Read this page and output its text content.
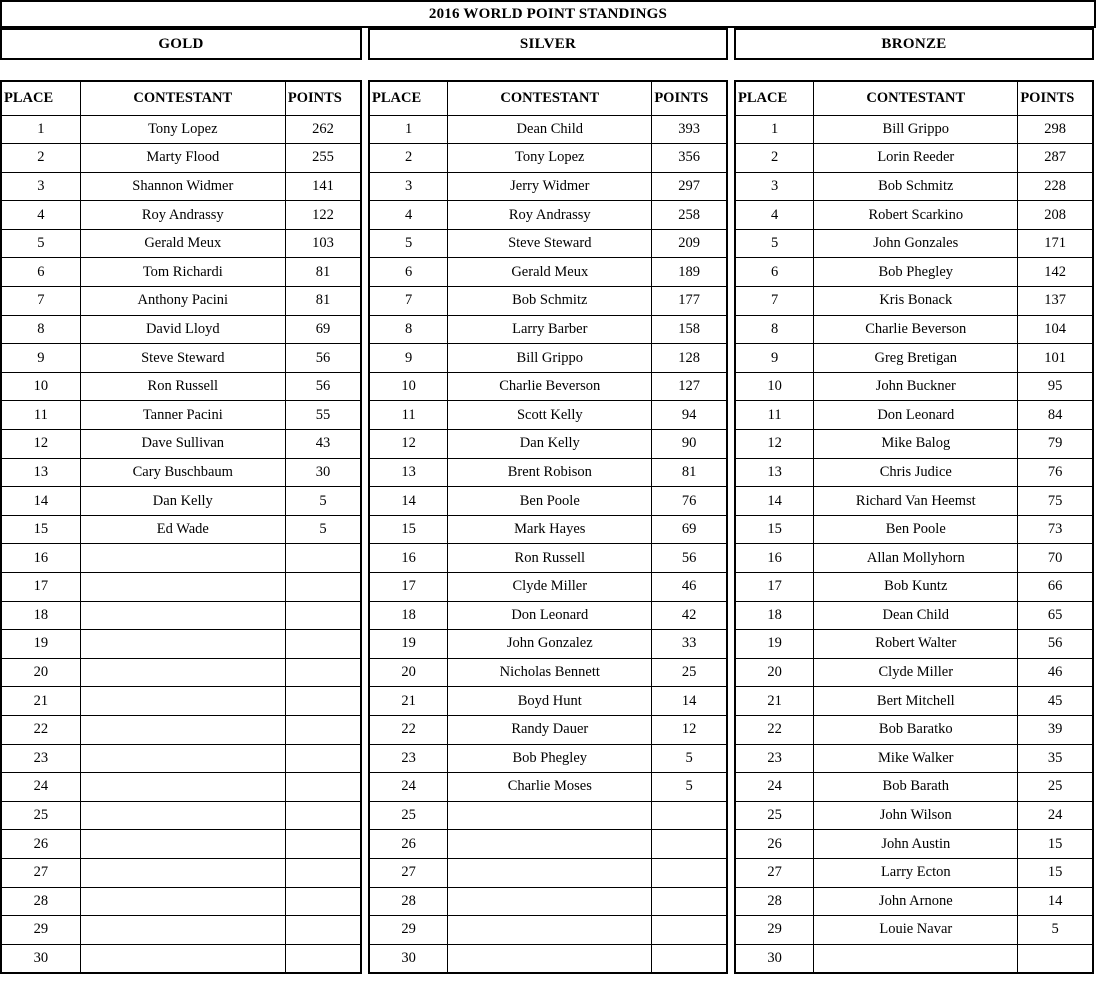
2016 WORLD POINT STANDINGS
GOLD
PLACE	CONTESTANT	POINTS
1	Tony Lopez	262
2	Marty Flood	255
3	Shannon Widmer	141
4	Roy Andrassy	122
5	Gerald Meux	103
6	Tom Richardi	81
7	Anthony Pacini	81
8	David Lloyd	69
9	Steve Steward	56
10	Ron Russell	56
11	Tanner Pacini	55
12	Dave Sullivan	43
13	Cary Buschbaum	30
14	Dan Kelly	5
15	Ed Wade	5
16		
17		
18		
19		
20		
21		
22		
23		
24		
25		
26		
27		
28		
29		
30		
SILVER
PLACE	CONTESTANT	POINTS
1	Dean Child	393
2	Tony Lopez	356
3	Jerry Widmer	297
4	Roy Andrassy	258
5	Steve Steward	209
6	Gerald Meux	189
7	Bob Schmitz	177
8	Larry Barber	158
9	Bill Grippo	128
10	Charlie Beverson	127
11	Scott Kelly	94
12	Dan Kelly	90
13	Brent Robison	81
14	Ben Poole	76
15	Mark Hayes	69
16	Ron Russell	56
17	Clyde Miller	46
18	Don Leonard	42
19	John Gonzalez	33
20	Nicholas Bennett	25
21	Boyd Hunt	14
22	Randy Dauer	12
23	Bob Phegley	5
24	Charlie Moses	5
25		
26		
27		
28		
29		
30		
BRONZE
PLACE	CONTESTANT	POINTS
1	Bill Grippo	298
2	Lorin Reeder	287
3	Bob Schmitz	228
4	Robert Scarkino	208
5	John Gonzales	171
6	Bob Phegley	142
7	Kris Bonack	137
8	Charlie Beverson	104
9	Greg Bretigan	101
10	John Buckner	95
11	Don Leonard	84
12	Mike Balog	79
13	Chris Judice	76
14	Richard Van Heemst	75
15	Ben Poole	73
16	Allan Mollyhorn	70
17	Bob Kuntz	66
18	Dean Child	65
19	Robert Walter	56
20	Clyde Miller	46
21	Bert Mitchell	45
22	Bob Baratko	39
23	Mike Walker	35
24	Bob Barath	25
25	John Wilson	24
26	John Austin	15
27	Larry Ecton	15
28	John Arnone	14
29	Louie Navar	5
30		
